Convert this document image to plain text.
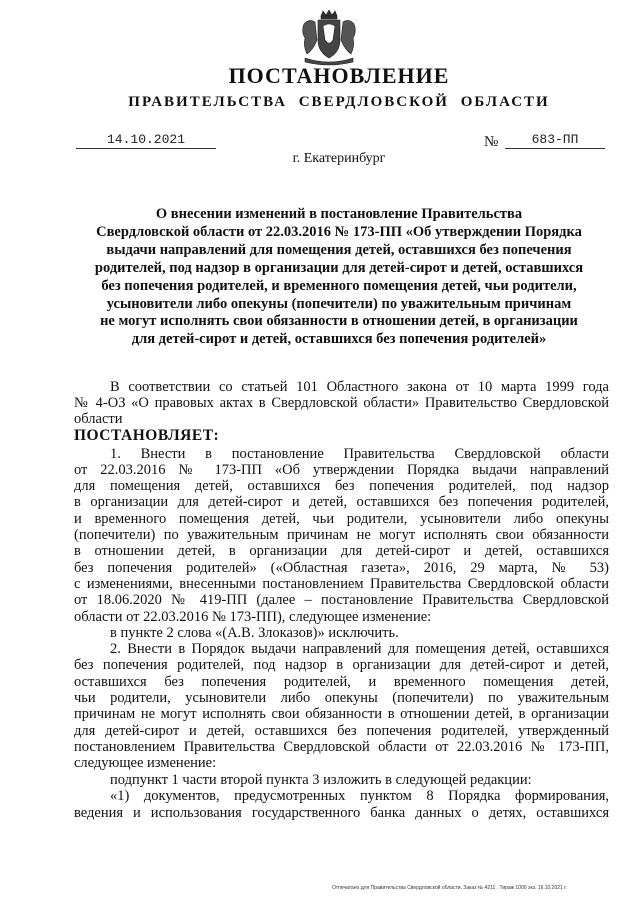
ПОСТАНОВЛЕНИЕ
ПРАВИТЕЛЬСТВА СВЕРДЛОВСКОЙ ОБЛАСТИ
14.10.2021	№	683-ПП
г. Екатеринбург
О внесении изменений в постановление Правительства
Свердловской области от 22.03.2016 № 173-ПП «Об утверждении Порядка
выдачи направлений для помещения детей, оставшихся без попечения
родителей, под надзор в организации для детей-сирот и детей, оставшихся
без попечения родителей, и временного помещения детей, чьи родители,
усыновители либо опекуны (попечители) по уважительным причинам
не могут исполнять свои обязанности в отношении детей, в организации
для детей-сирот и детей, оставшихся без попечения родителей»
В соответствии со статьей 101 Областного закона от 10 марта 1999 года
№ 4-ОЗ «О правовых актах в Свердловской области» Правительство Свердловской
области
ПОСТАНОВЛЯЕТ:
1. Внести в постановление Правительства Свердловской области
от 22.03.2016 № 173-ПП «Об утверждении Порядка выдачи направлений
для помещения детей, оставшихся без попечения родителей, под надзор
в организации для детей-сирот и детей, оставшихся без попечения родителей,
и временного помещения детей, чьи родители, усыновители либо опекуны
(попечители) по уважительным причинам не могут исполнять свои обязанности
в отношении детей, в организации для детей-сирот и детей, оставшихся
без попечения родителей» («Областная газета», 2016, 29 марта, № 53)
с изменениями, внесенными постановлением Правительства Свердловской области
от 18.06.2020 № 419-ПП (далее – постановление Правительства Свердловской
области от 22.03.2016 № 173-ПП), следующее изменение:
в пункте 2 слова «(А.В. Злоказов)» исключить.
2. Внести в Порядок выдачи направлений для помещения детей, оставшихся
без попечения родителей, под надзор в организации для детей-сирот и детей,
оставшихся без попечения родителей, и временного помещения детей,
чьи родители, усыновители либо опекуны (попечители) по уважительным
причинам не могут исполнять свои обязанности в отношении детей, в организации
для детей-сирот и детей, оставшихся без попечения родителей, утвержденный
постановлением Правительства Свердловской области от 22.03.2016 № 173-ПП,
следующее изменение:
подпункт 1 части второй пункта 3 изложить в следующей редакции:
«1) документов, предусмотренных пунктом 8 Порядка формирования,
ведения и использования государственного банка данных о детях, оставшихся
Отпечатано для Правительства Свердловской области. Заказ № 4211 . Тираж 1000 экз. 16.10.2021 г.
